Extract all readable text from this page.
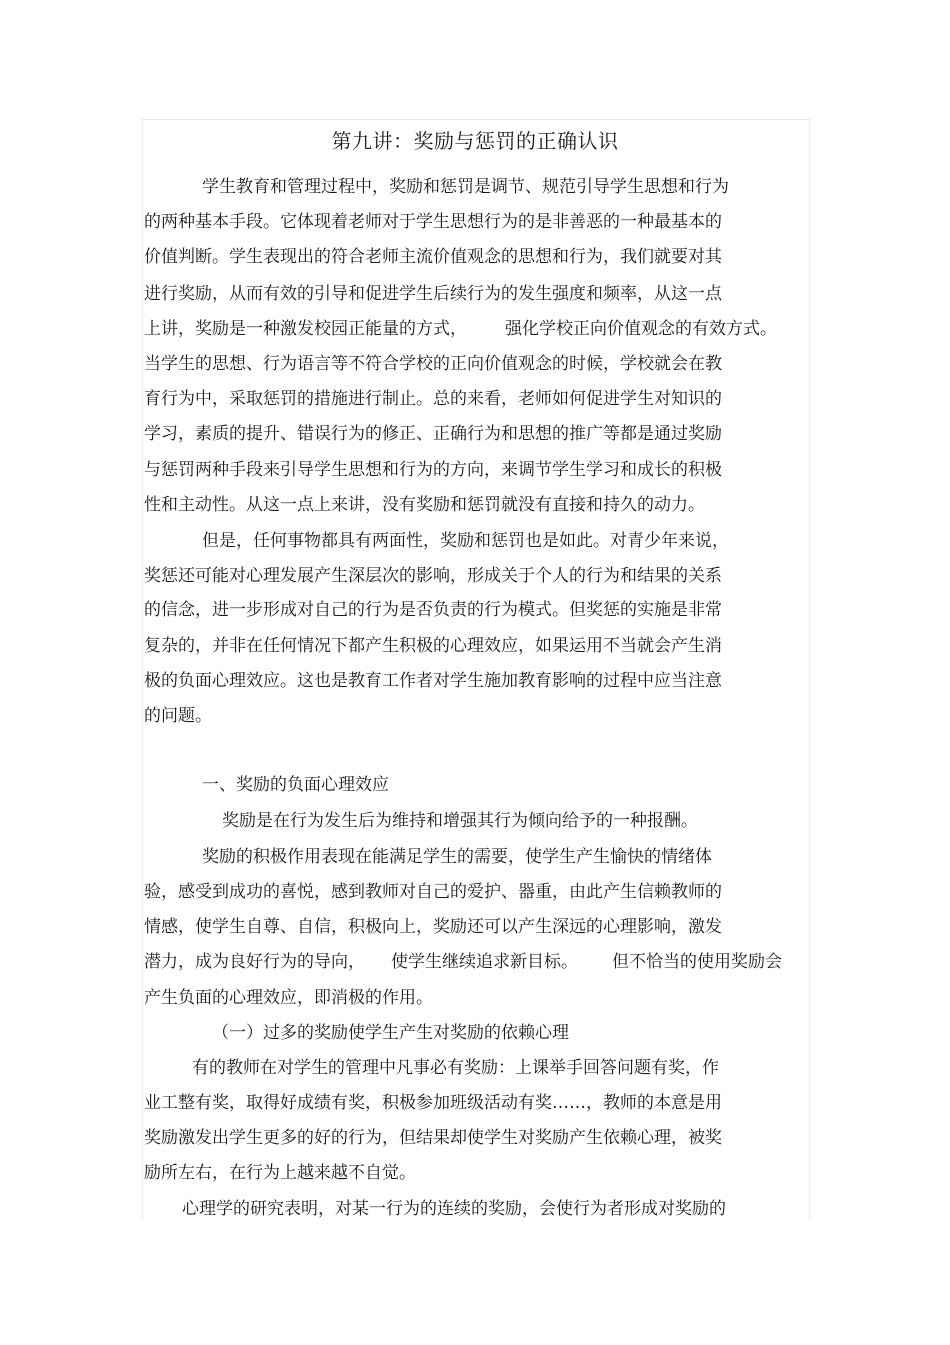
第九讲：奖励与惩罚的正确认识
学生教育和管理过程中，奖励和惩罚是调节、规范引导学生思想和行为
的两种基本手段。它体现着老师对于学生思想行为的是非善恶的一种最基本的
价值判断。学生表现出的符合老师主流价值观念的思想和行为，我们就要对其
进行奖励，从而有效的引导和促进学生后续行为的发生强度和频率，从这一点
上讲，奖励是一种激发校园正能量的方式， 强化学校正向价值观念的有效方式。
当学生的思想、行为语言等不符合学校的正向价值观念的时候，学校就会在教
育行为中，采取惩罚的措施进行制止。总的来看，老师如何促进学生对知识的
学习，素质的提升、错误行为的修正、正确行为和思想的推广等都是通过奖励
与惩罚两种手段来引导学生思想和行为的方向，来调节学生学习和成长的积极
性和主动性。从这一点上来讲，没有奖励和惩罚就没有直接和持久的动力。
但是，任何事物都具有两面性，奖励和惩罚也是如此。对青少年来说，
奖惩还可能对心理发展产生深层次的影响，形成关于个人的行为和结果的关系
的信念，进一步形成对自己的行为是否负责的行为模式。但奖惩的实施是非常
复杂的，并非在任何情况下都产生积极的心理效应，如果运用不当就会产生消
极的负面心理效应。这也是教育工作者对学生施加教育影响的过程中应当注意
的问题。
一、奖励的负面心理效应
奖励是在行为发生后为维持和增强其行为倾向给予的一种报酬。
奖励的积极作用表现在能满足学生的需要，使学生产生愉快的情绪体
验，感受到成功的喜悦，感到教师对自己的爱护、器重，由此产生信赖教师的
情感，使学生自尊、自信，积极向上，奖励还可以产生深远的心理影响，激发
潜力，成为良好行为的导向， 使学生继续追求新目标。 但不恰当的使用奖励会
产生负面的心理效应，即消极的作用。
（一）过多的奖励使学生产生对奖励的依赖心理
有的教师在对学生的管理中凡事必有奖励：上课举手回答问题有奖，作
业工整有奖，取得好成绩有奖，积极参加班级活动有奖……，教师的本意是用
奖励激发出学生更多的好的行为，但结果却使学生对奖励产生依赖心理，被奖
励所左右，在行为上越来越不自觉。
心理学的研究表明，对某一行为的连续的奖励，会使行为者形成对奖励的
